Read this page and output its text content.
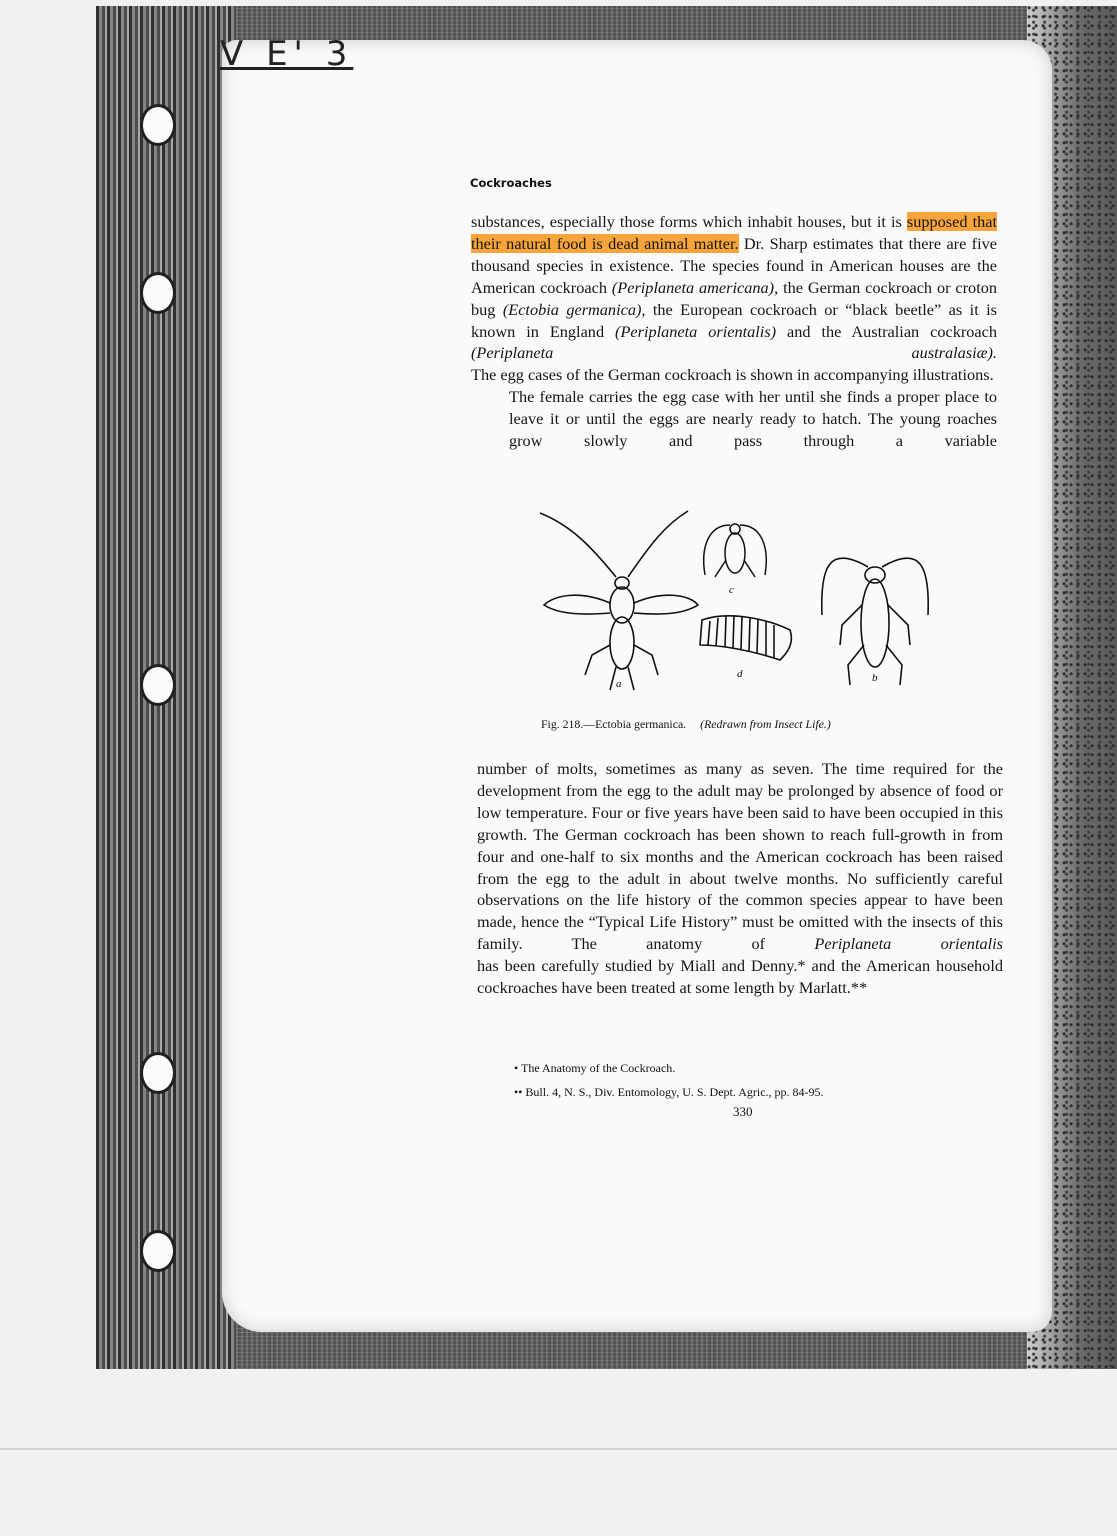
V E' 3
Cockroaches

substances, especially those forms which inhabit houses, but it is supposed that their natural food is dead animal matter. Dr. Sharp estimates that there are five thousand species in existence. The species found in American houses are the American cockroach (Periplaneta americana), the German cockroach or croton bug (Ectobia germanica), the European cockroach or “black beetle” as it is known in England (Periplaneta orientalis) and the Australian cockroach (Periplaneta australasiæ).
The egg cases of the German cockroach is shown in accompanying illustrations.
The female carries the egg case with her until she finds a proper place to leave it or until the eggs are nearly ready to hatch. The young roaches grow slowly and pass through a variable

a
c
d	b
Fig. 218.—Ectobia germanica. (Redrawn from Insect Life.)

number of molts, sometimes as many as seven. The time required for the development from the egg to the adult may be prolonged by absence of food or low temperature. Four or five years have been said to have been occupied in this growth. The German cockroach has been shown to reach full-growth in from four and one-half to six months and the American cockroach has been raised from the egg to the adult in about twelve months. No sufficiently careful observations on the life history of the common species appear to have been made, hence the “Typical Life History” must be omitted with the insects of this family. The anatomy of Periplaneta orientalis
has been carefully studied by Miall and Denny.* and the American household cockroaches have been treated at some length by Marlatt.**

• The Anatomy of the Cockroach.
•• Bull. 4, N. S., Div. Entomology, U. S. Dept. Agric., pp. 84-95.
330
